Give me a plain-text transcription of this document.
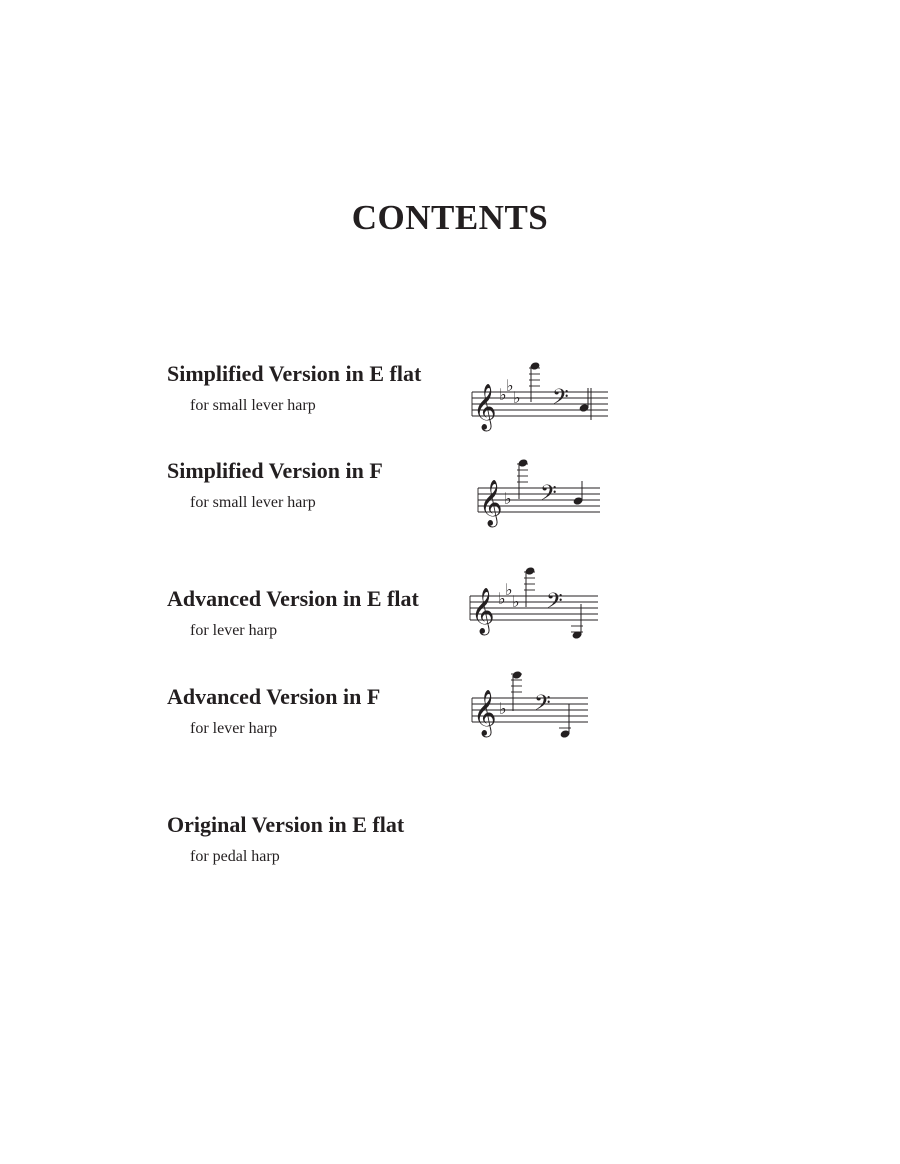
CONTENTS
Simplified Version in E flat
for small lever harp	𝄞 ♭ ♭
♭ 𝄢
Simplified Version in F
for small lever harp	𝄞 ♭ 𝄢
Advanced Version in E flat
for lever harp	𝄞 ♭ ♭
♭ 𝄢
Advanced Version in F
for lever harp	𝄞 ♭ 𝄢
Original Version in E flat
for pedal harp
